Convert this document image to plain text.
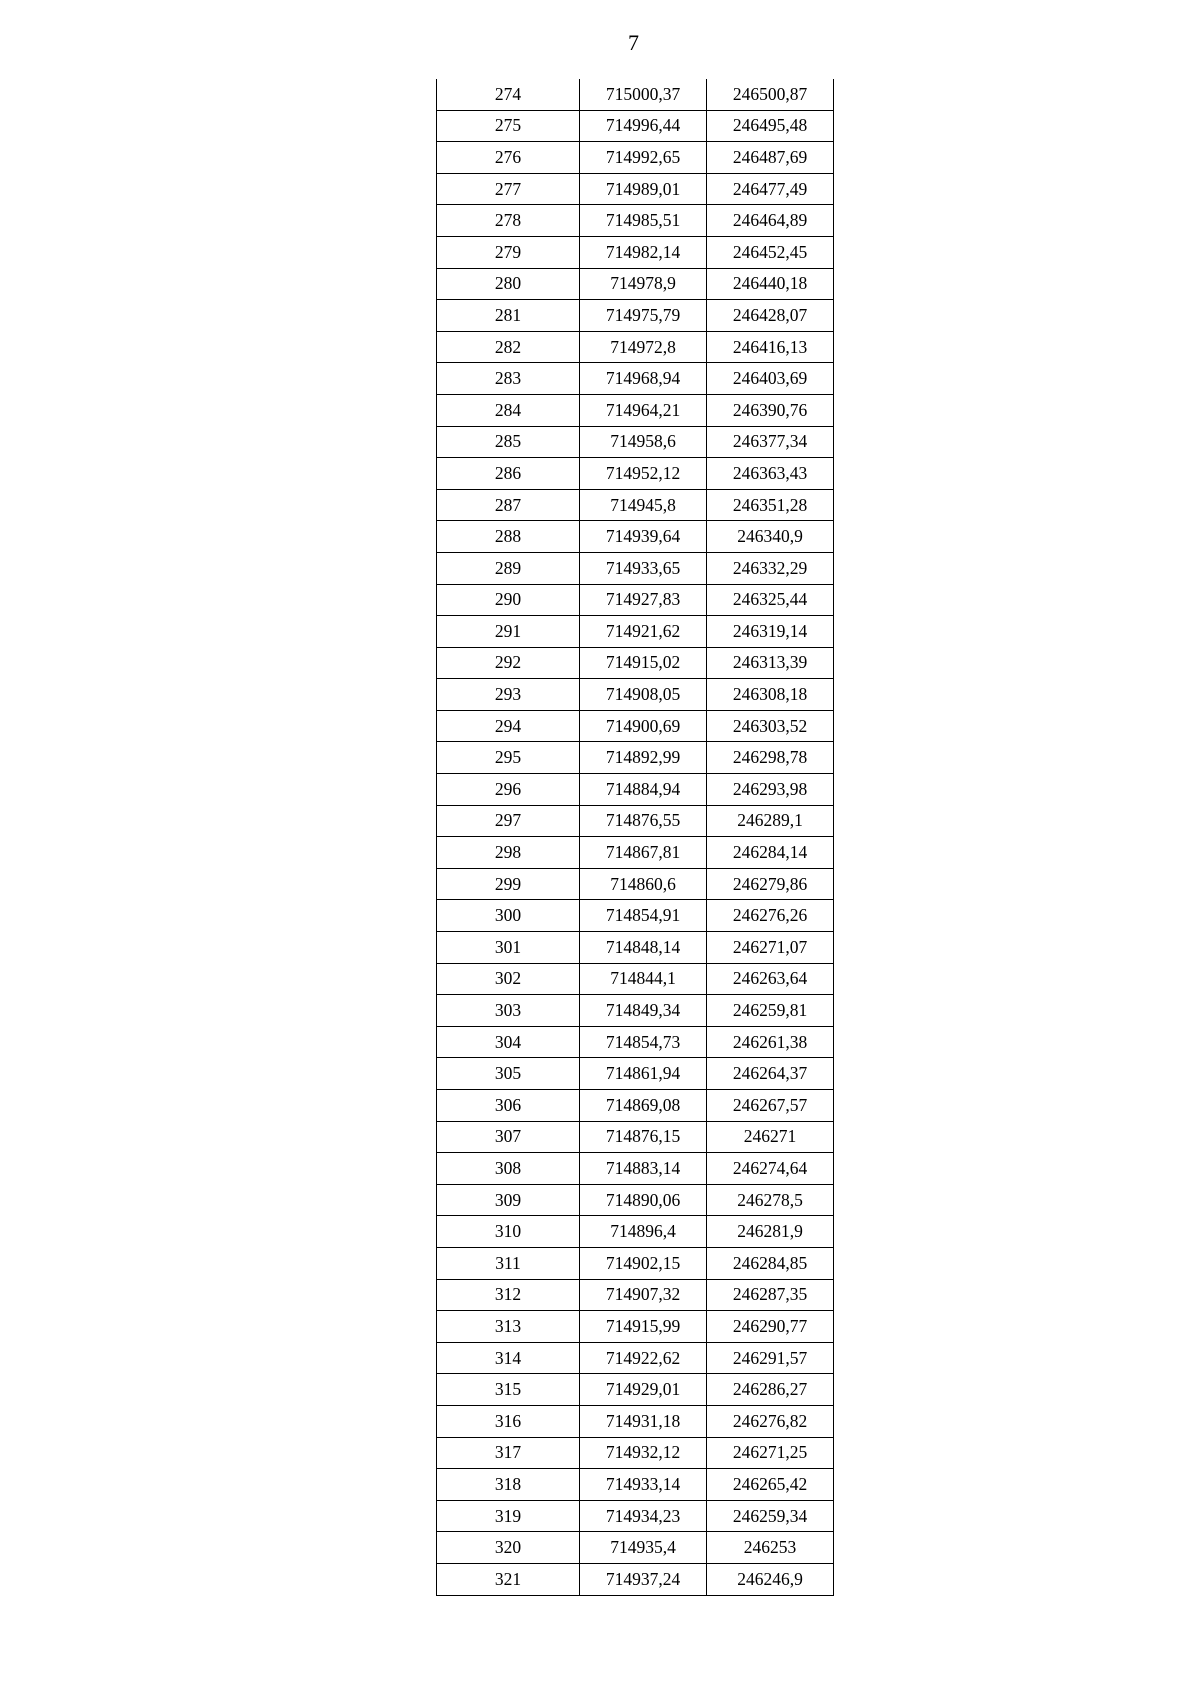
7
274	715000,37	246500,87
275	714996,44	246495,48
276	714992,65	246487,69
277	714989,01	246477,49
278	714985,51	246464,89
279	714982,14	246452,45
280	714978,9	246440,18
281	714975,79	246428,07
282	714972,8	246416,13
283	714968,94	246403,69
284	714964,21	246390,76
285	714958,6	246377,34
286	714952,12	246363,43
287	714945,8	246351,28
288	714939,64	246340,9
289	714933,65	246332,29
290	714927,83	246325,44
291	714921,62	246319,14
292	714915,02	246313,39
293	714908,05	246308,18
294	714900,69	246303,52
295	714892,99	246298,78
296	714884,94	246293,98
297	714876,55	246289,1
298	714867,81	246284,14
299	714860,6	246279,86
300	714854,91	246276,26
301	714848,14	246271,07
302	714844,1	246263,64
303	714849,34	246259,81
304	714854,73	246261,38
305	714861,94	246264,37
306	714869,08	246267,57
307	714876,15	246271
308	714883,14	246274,64
309	714890,06	246278,5
310	714896,4	246281,9
311	714902,15	246284,85
312	714907,32	246287,35
313	714915,99	246290,77
314	714922,62	246291,57
315	714929,01	246286,27
316	714931,18	246276,82
317	714932,12	246271,25
318	714933,14	246265,42
319	714934,23	246259,34
320	714935,4	246253
321	714937,24	246246,9
